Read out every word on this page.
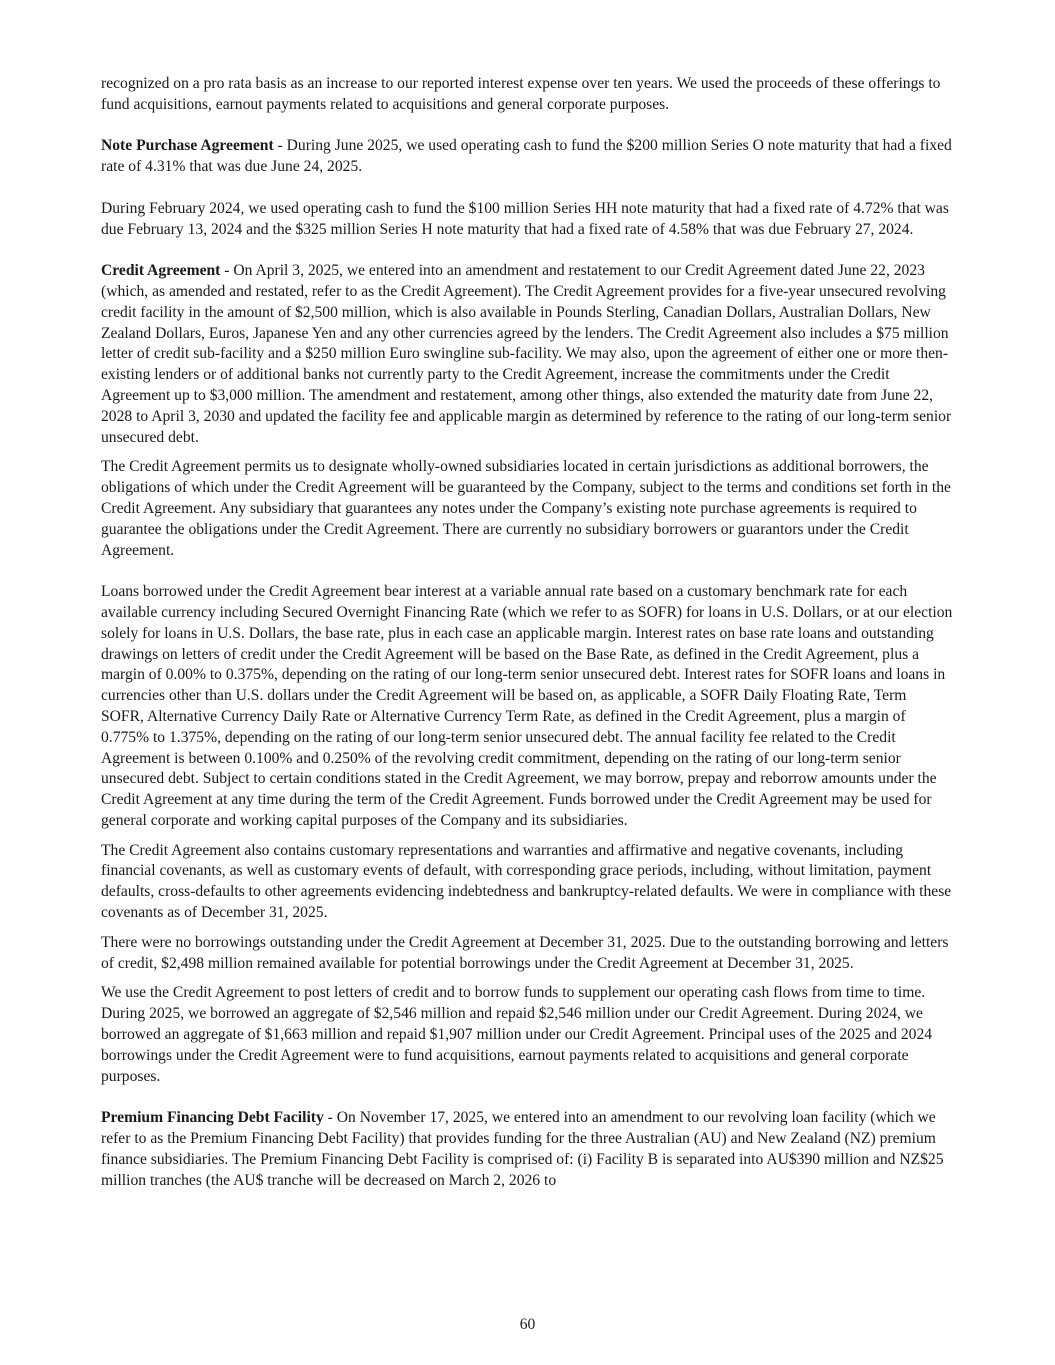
recognized on a pro rata basis as an increase to our reported interest expense over ten years. We used the proceeds of these offerings to fund acquisitions, earnout payments related to acquisitions and general corporate purposes.

Note Purchase Agreement - During June 2025, we used operating cash to fund the $200 million Series O note maturity that had a fixed rate of 4.31% that was due June 24, 2025.

During February 2024, we used operating cash to fund the $100 million Series HH note maturity that had a fixed rate of 4.72% that was due February 13, 2024 and the $325 million Series H note maturity that had a fixed rate of 4.58% that was due February 27, 2024.

Credit Agreement - On April 3, 2025, we entered into an amendment and restatement to our Credit Agreement dated June 22, 2023 (which, as amended and restated, refer to as the Credit Agreement). The Credit Agreement provides for a five-year unsecured revolving credit facility in the amount of $2,500 million, which is also available in Pounds Sterling, Canadian Dollars, Australian Dollars, New Zealand Dollars, Euros, Japanese Yen and any other currencies agreed by the lenders. The Credit Agreement also includes a $75 million letter of credit sub-facility and a $250 million Euro swingline sub-facility. We may also, upon the agreement of either one or more then-existing lenders or of additional banks not currently party to the Credit Agreement, increase the commitments under the Credit Agreement up to $3,000 million. The amendment and restatement, among other things, also extended the maturity date from June 22, 2028 to April 3, 2030 and updated the facility fee and applicable margin as determined by reference to the rating of our long-term senior unsecured debt.

The Credit Agreement permits us to designate wholly-owned subsidiaries located in certain jurisdictions as additional borrowers, the obligations of which under the Credit Agreement will be guaranteed by the Company, subject to the terms and conditions set forth in the Credit Agreement. Any subsidiary that guarantees any notes under the Company’s existing note purchase agreements is required to guarantee the obligations under the Credit Agreement. There are currently no subsidiary borrowers or guarantors under the Credit Agreement.

Loans borrowed under the Credit Agreement bear interest at a variable annual rate based on a customary benchmark rate for each available currency including Secured Overnight Financing Rate (which we refer to as SOFR) for loans in U.S. Dollars, or at our election solely for loans in U.S. Dollars, the base rate, plus in each case an applicable margin. Interest rates on base rate loans and outstanding drawings on letters of credit under the Credit Agreement will be based on the Base Rate, as defined in the Credit Agreement, plus a margin of 0.00% to 0.375%, depending on the rating of our long-term senior unsecured debt. Interest rates for SOFR loans and loans in currencies other than U.S. dollars under the Credit Agreement will be based on, as applicable, a SOFR Daily Floating Rate, Term SOFR, Alternative Currency Daily Rate or Alternative Currency Term Rate, as defined in the Credit Agreement, plus a margin of 0.775% to 1.375%, depending on the rating of our long-term senior unsecured debt. The annual facility fee related to the Credit Agreement is between 0.100% and 0.250% of the revolving credit commitment, depending on the rating of our long-term senior unsecured debt. Subject to certain conditions stated in the Credit Agreement, we may borrow, prepay and reborrow amounts under the Credit Agreement at any time during the term of the Credit Agreement. Funds borrowed under the Credit Agreement may be used for general corporate and working capital purposes of the Company and its subsidiaries.

The Credit Agreement also contains customary representations and warranties and affirmative and negative covenants, including financial covenants, as well as customary events of default, with corresponding grace periods, including, without limitation, payment defaults, cross-defaults to other agreements evidencing indebtedness and bankruptcy-related defaults. We were in compliance with these covenants as of December 31, 2025.

There were no borrowings outstanding under the Credit Agreement at December 31, 2025. Due to the outstanding borrowing and letters of credit, $2,498 million remained available for potential borrowings under the Credit Agreement at December 31, 2025.

We use the Credit Agreement to post letters of credit and to borrow funds to supplement our operating cash flows from time to time. During 2025, we borrowed an aggregate of $2,546 million and repaid $2,546 million under our Credit Agreement. During 2024, we borrowed an aggregate of $1,663 million and repaid $1,907 million under our Credit Agreement. Principal uses of the 2025 and 2024 borrowings under the Credit Agreement were to fund acquisitions, earnout payments related to acquisitions and general corporate purposes.

Premium Financing Debt Facility - On November 17, 2025, we entered into an amendment to our revolving loan facility (which we refer to as the Premium Financing Debt Facility) that provides funding for the three Australian (AU) and New Zealand (NZ) premium finance subsidiaries. The Premium Financing Debt Facility is comprised of: (i) Facility B is separated into AU$390 million and NZ$25 million tranches (the AU$ tranche will be decreased on March 2, 2026 to

60
